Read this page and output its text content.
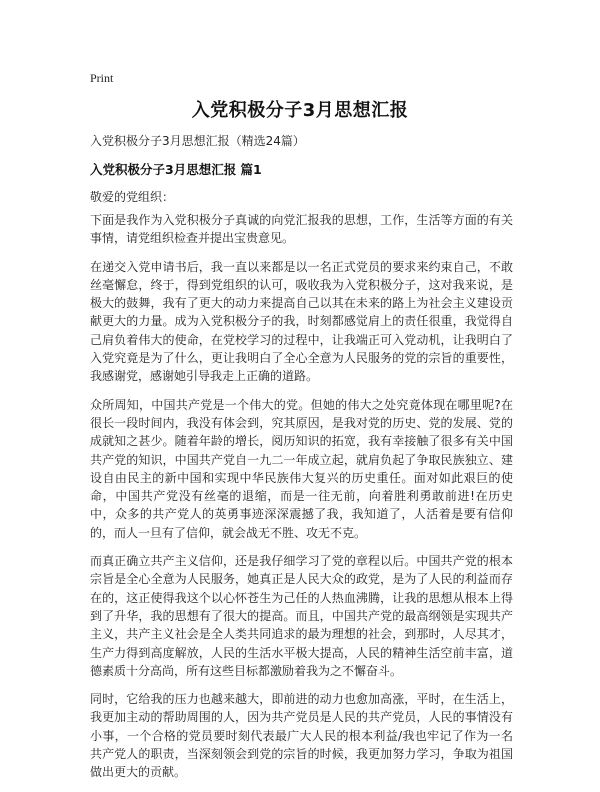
Print
入党积极分子3月思想汇报
入党积极分子3月思想汇报（精选24篇）
入党积极分子3月思想汇报 篇1
敬爱的党组织：

下面是我作为入党积极分子真诚的向党汇报我的思想，工作，生活等方面的有关事情，请党组织检查并提出宝贵意见。

在递交入党申请书后，我一直以来都是以一名正式党员的要求来约束自己，不敢丝毫懈怠，终于，得到党组织的认可，吸收我为入党积极分子，这对我来说，是极大的鼓舞，我有了更大的动力来提高自己以其在未来的路上为社会主义建设贡献更大的力量。成为入党积极分子的我，时刻都感觉肩上的责任很重，我觉得自己肩负着伟大的使命，在党校学习的过程中，让我端正可入党动机，让我明白了入党究竟是为了什么，更让我明白了全心全意为人民服务的党的宗旨的重要性，我感谢党，感谢她引导我走上正确的道路。

众所周知，中国共产党是一个伟大的党。但她的伟大之处究竟体现在哪里呢?在很长一段时间内，我没有体会到，究其原因，是我对党的历史、党的发展、党的成就知之甚少。随着年龄的增长，阅历知识的拓宽，我有幸接触了很多有关中国共产党的知识，中国共产党自一九二一年成立起，就肩负起了争取民族独立、建设自由民主的新中国和实现中华民族伟大复兴的历史重任。面对如此艰巨的使命，中国共产党没有丝毫的退缩，而是一往无前，向着胜利勇敢前进!在历史中，众多的共产党人的英勇事迹深深震撼了我，我知道了，人活着是要有信仰的，而人一旦有了信仰，就会战无不胜、攻无不克。

而真正确立共产主义信仰，还是我仔细学习了党的章程以后。中国共产党的根本宗旨是全心全意为人民服务，她真正是人民大众的政党，是为了人民的利益而存在的，这正使得我这个以心怀苍生为己任的人热血沸腾，让我的思想从根本上得到了升华，我的思想有了很大的提高。而且，中国共产党的最高纲领是实现共产主义，共产主义社会是全人类共同追求的最为理想的社会，到那时，人尽其才，生产力得到高度解放，人民的生活水平极大提高，人民的精神生活空前丰富，道德素质十分高尚，所有这些目标都激励着我为之不懈奋斗。

同时，它给我的压力也越来越大，即前进的动力也愈加高涨，平时，在生活上，我更加主动的帮助周围的人，因为共产党员是人民的共产党员，人民的事情没有小事，一个合格的党员要时刻代表最广大人民的根本利益/我也牢记了作为一名共产党人的职责，当深刻领会到党的宗旨的时候，我更加努力学习，争取为祖国做出更大的贡献。
